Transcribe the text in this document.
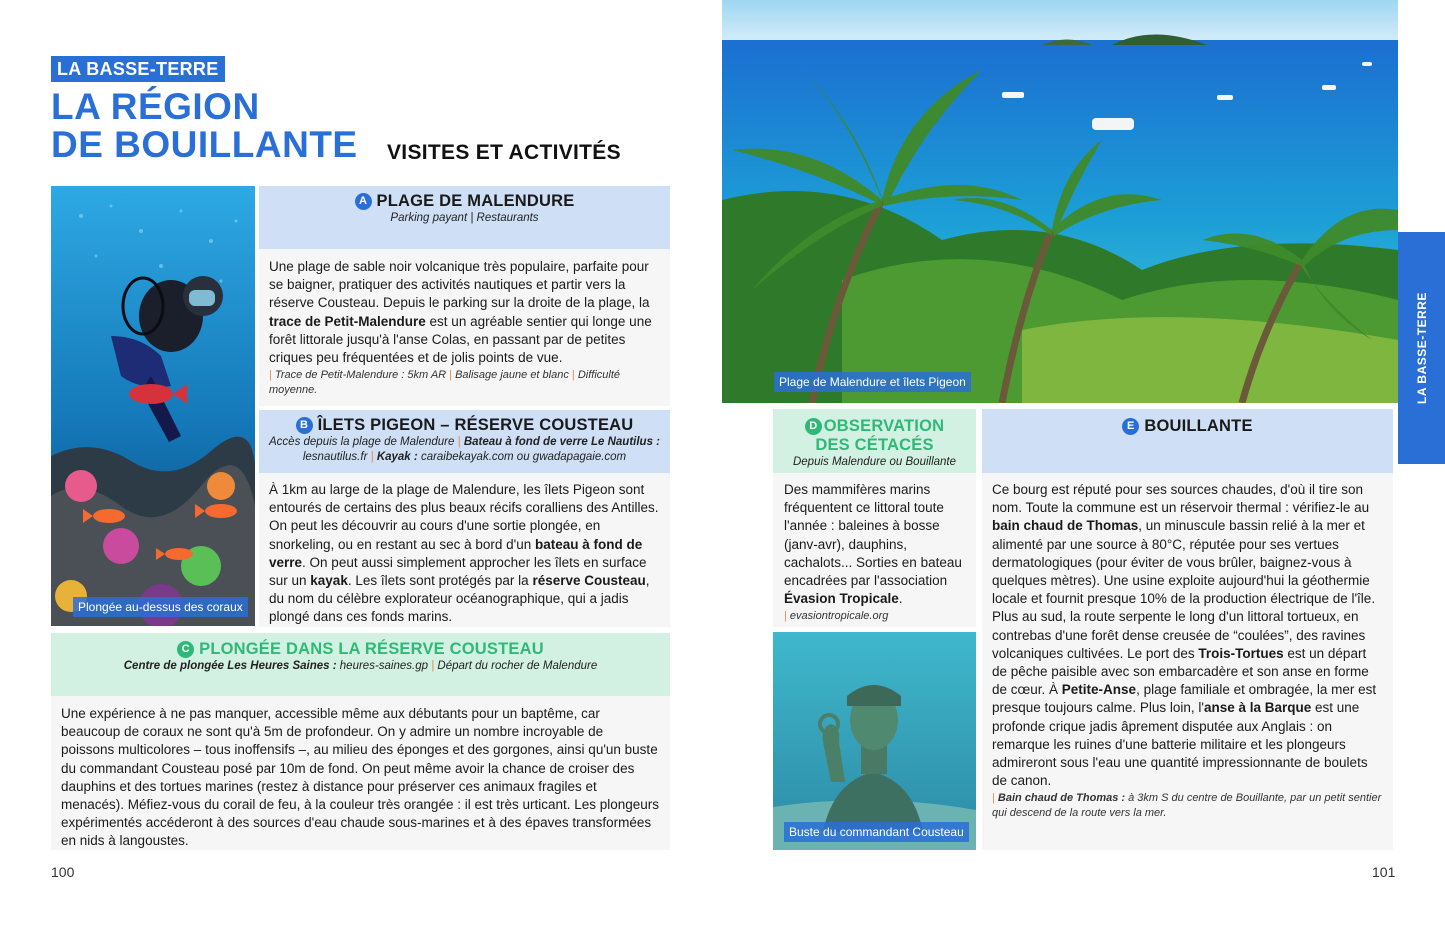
LA BASSE-TERRE
LA RÉGION
DE BOUILLANTE VISITES ET ACTIVITÉS
Plongée au-dessus des coraux
A PLAGE DE MALENDURE
Parking payant | Restaurants

Une plage de sable noir volcanique très populaire, parfaite pour se baigner, pratiquer des activités nautiques et partir vers la réserve Cousteau. Depuis le parking sur la droite de la plage, la trace de Petit-Malendure est un agréable sentier qui longe une forêt littorale jusqu'à l'anse Colas, en passant par de petites criques peu fréquentées et de jolis points de vue.

| Trace de Petit-Malendure : 5km AR | Balisage jaune et blanc | Difficulté moyenne.

B ÎLETS PIGEON – RÉSERVE COUSTEAU
Accès depuis la plage de Malendure | Bateau à fond de verre Le Nautilus :
lesnautilus.fr | Kayak : caraibekayak.com ou gwadapagaie.com

À 1km au large de la plage de Malendure, les îlets Pigeon sont entourés de certains des plus beaux récifs coralliens des Antilles. On peut les découvrir au cours d'une sortie plongée, en snorkeling, ou en restant au sec à bord d'un bateau à fond de verre. On peut aussi simplement approcher les îlets en surface sur un kayak. Les îlets sont protégés par la réserve Cousteau, du nom du célèbre explorateur océanographique, qui a jadis plongé dans ces fonds marins.

C PLONGÉE DANS LA RÉSERVE COUSTEAU
Centre de plongée Les Heures Saines : heures-saines.gp | Départ du rocher de Malendure

Une expérience à ne pas manquer, accessible même aux débutants pour un baptême, car beaucoup de coraux ne sont qu'à 5m de profondeur. On y admire un nombre incroyable de poissons multicolores – tous inoffensifs –, au milieu des éponges et des gorgones, ainsi qu'un buste du commandant Cousteau posé par 10m de fond. On peut même avoir la chance de croiser des dauphins et des tortues marines (restez à distance pour préserver ces animaux fragiles et menacés). Méfiez-vous du corail de feu, à la couleur très orangée : il est très urticant. Les plongeurs expérimentés accéderont à des sources d'eau chaude sous-marines et à des épaves transformées en nids à langoustes.

100
Plage de Malendure et îlets Pigeon	LA BASSE-TERRE
D OBSERVATION
DES CÉTACÉS
Depuis Malendure ou Bouillante

Des mammifères marins fréquentent ce littoral toute l'année : baleines à bosse (janv-avr), dauphins, cachalots... Sorties en bateau encadrées par l'association Évasion Tropicale.

| evasiontropicale.org

Buste du commandant Cousteau
E BOUILLANTE

Ce bourg est réputé pour ses sources chaudes, d'où il tire son nom. Toute la commune est un réservoir thermal : vérifiez-le au bain chaud de Thomas, un minuscule bassin relié à la mer et alimenté par une source à 80°C, réputée pour ses vertues dermatologiques (pour éviter de vous brûler, baignez-vous à quelques mètres). Une usine exploite aujourd'hui la géothermie locale et fournit presque 10% de la production électrique de l'île.

Plus au sud, la route serpente le long d'un littoral tortueux, en contrebas d'une forêt dense creusée de “coulées”, des ravines volcaniques cultivées. Le port des Trois-Tortues est un départ de pêche paisible avec son embarcadère et son anse en forme de cœur. À Petite-Anse, plage familiale et ombragée, la mer est presque toujours calme. Plus loin, l'anse à la Barque est une profonde crique jadis âprement disputée aux Anglais : on remarque les ruines d'une batterie militaire et les plongeurs admireront sous l'eau une quantité impressionnante de boulets de canon.

| Bain chaud de Thomas : à 3km S du centre de Bouillante, par un petit sentier qui descend de la route vers la mer.

101
